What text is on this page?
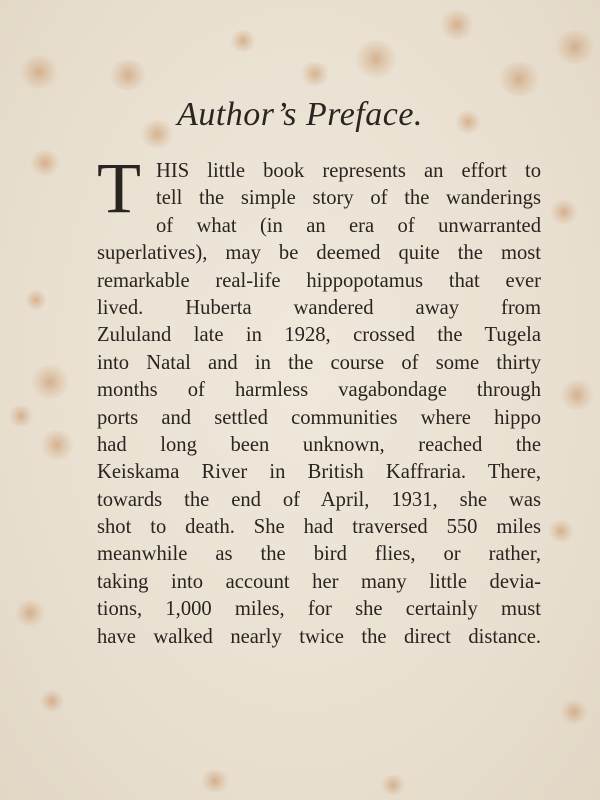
Author’s Preface.
T HIS little book represents an effort to
tell the simple story of the wanderings
of what (in an era of unwarranted
superlatives), may be deemed quite the most
remarkable real-life hippopotamus that ever
lived. Huberta wandered away from
Zululand late in 1928, crossed the Tugela
into Natal and in the course of some thirty
months of harmless vagabondage through
ports and settled communities where hippo
had long been unknown, reached the
Keiskama River in British Kaffraria. There,
towards the end of April, 1931, she was
shot to death. She had traversed 550 miles
meanwhile as the bird flies, or rather,
taking into account her many little devia-
tions, 1,000 miles, for she certainly must
have walked nearly twice the direct distance.
